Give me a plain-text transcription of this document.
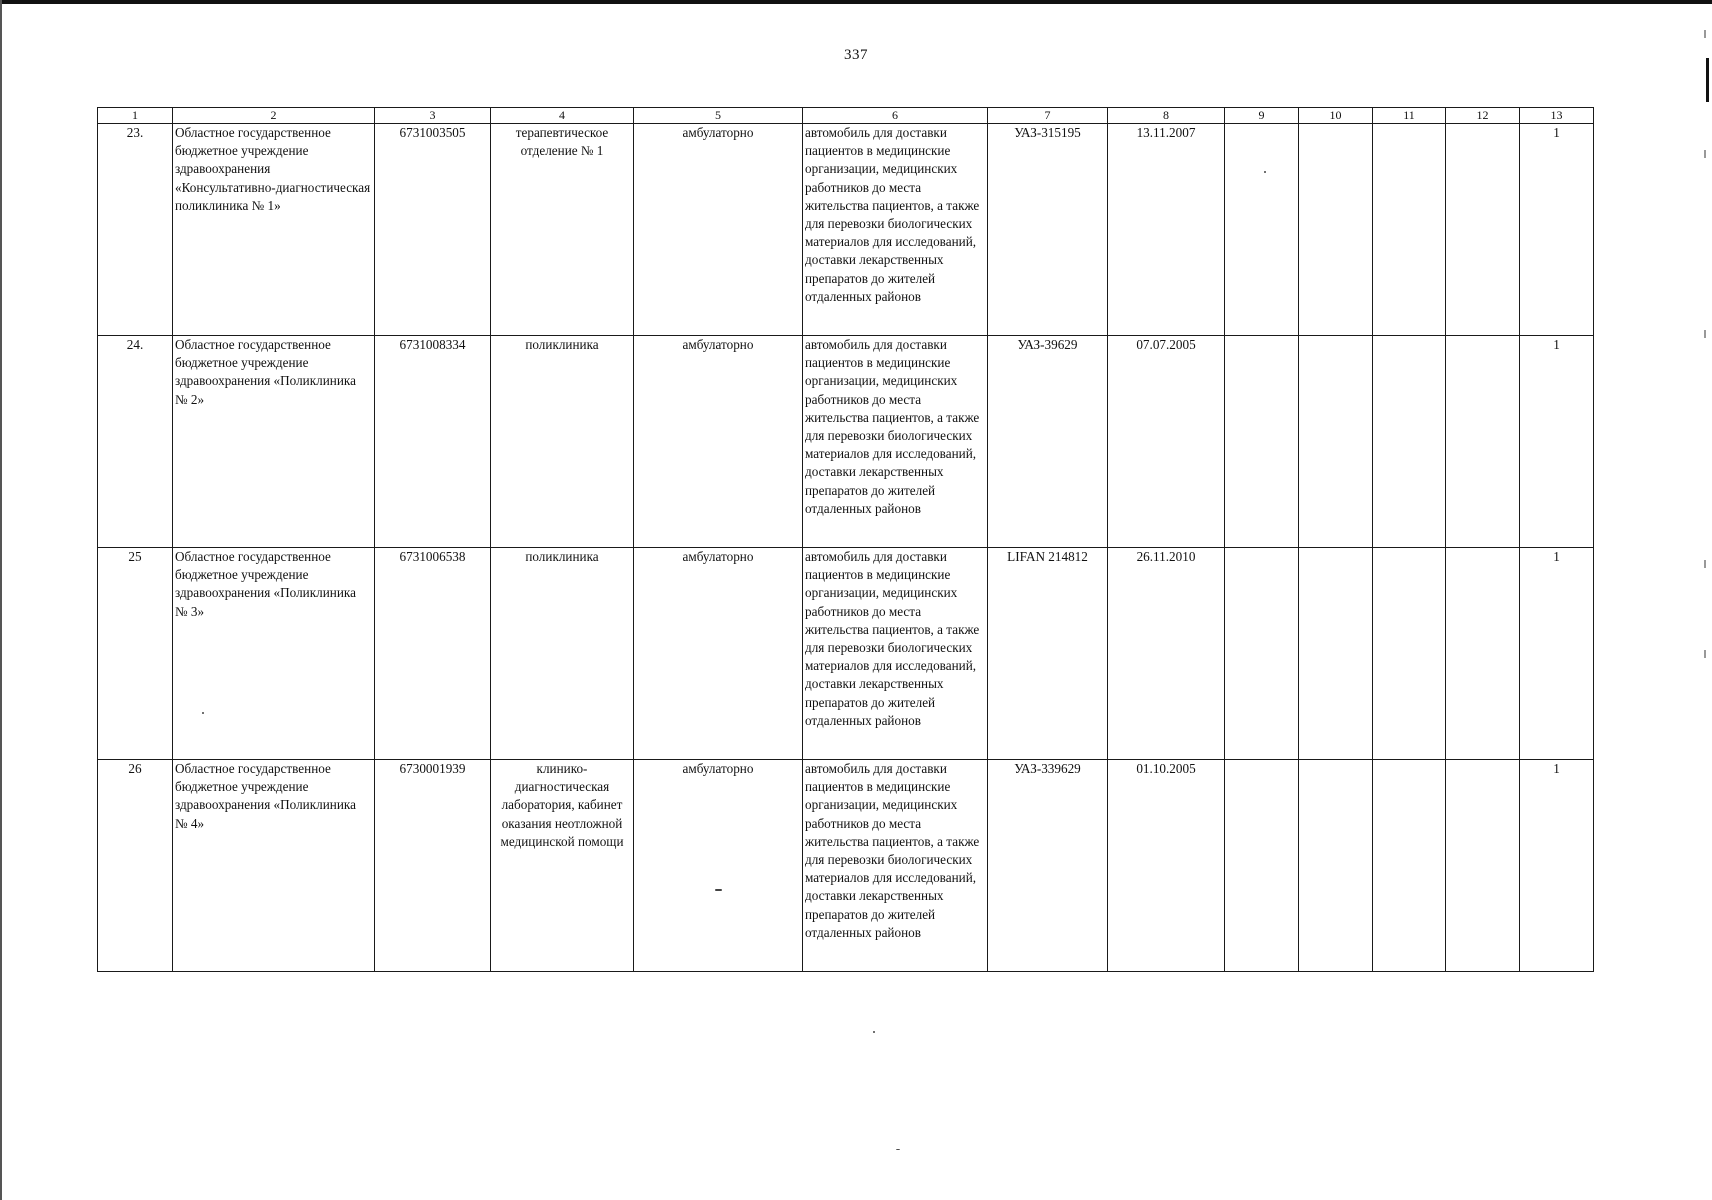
337
1	2	3	4	5	6	7	8	9	10	11	12	13
23.	Областное государственное бюджетное учреждение здравоохранения «Консультативно-диагностическая поликлиника № 1»	6731003505	терапевтическое отделение № 1	амбулаторно	автомобиль для доставки пациентов в медицинские организации, медицинских работников до места жительства пациентов, а также для перевозки биологических материалов для исследований, доставки лекарственных препаратов до жителей отдаленных районов	УАЗ-315195	13.11.2007					1
24.	Областное государственное бюджетное учреждение здравоохранения «Поликлиника № 2»	6731008334	поликлиника	амбулаторно	автомобиль для доставки пациентов в медицинские организации, медицинских работников до места жительства пациентов, а также для перевозки биологических материалов для исследований, доставки лекарственных препаратов до жителей отдаленных районов	УАЗ-39629	07.07.2005					1
25	Областное государственное бюджетное учреждение здравоохранения «Поликлиника № 3»	6731006538	поликлиника	амбулаторно	автомобиль для доставки пациентов в медицинские организации, медицинских работников до места жительства пациентов, а также для перевозки биологических материалов для исследований, доставки лекарственных препаратов до жителей отдаленных районов	LIFAN 214812	26.11.2010					1
26	Областное государственное бюджетное учреждение здравоохранения «Поликлиника № 4»	6730001939	клинико-диагностическая лаборатория, кабинет оказания неотложной медицинской помощи	амбулаторно	автомобиль для доставки пациентов в медицинские организации, медицинских работников до места жительства пациентов, а также для перевозки биологических материалов для исследований, доставки лекарственных препаратов до жителей отдаленных районов	УАЗ-339629	01.10.2005					1
